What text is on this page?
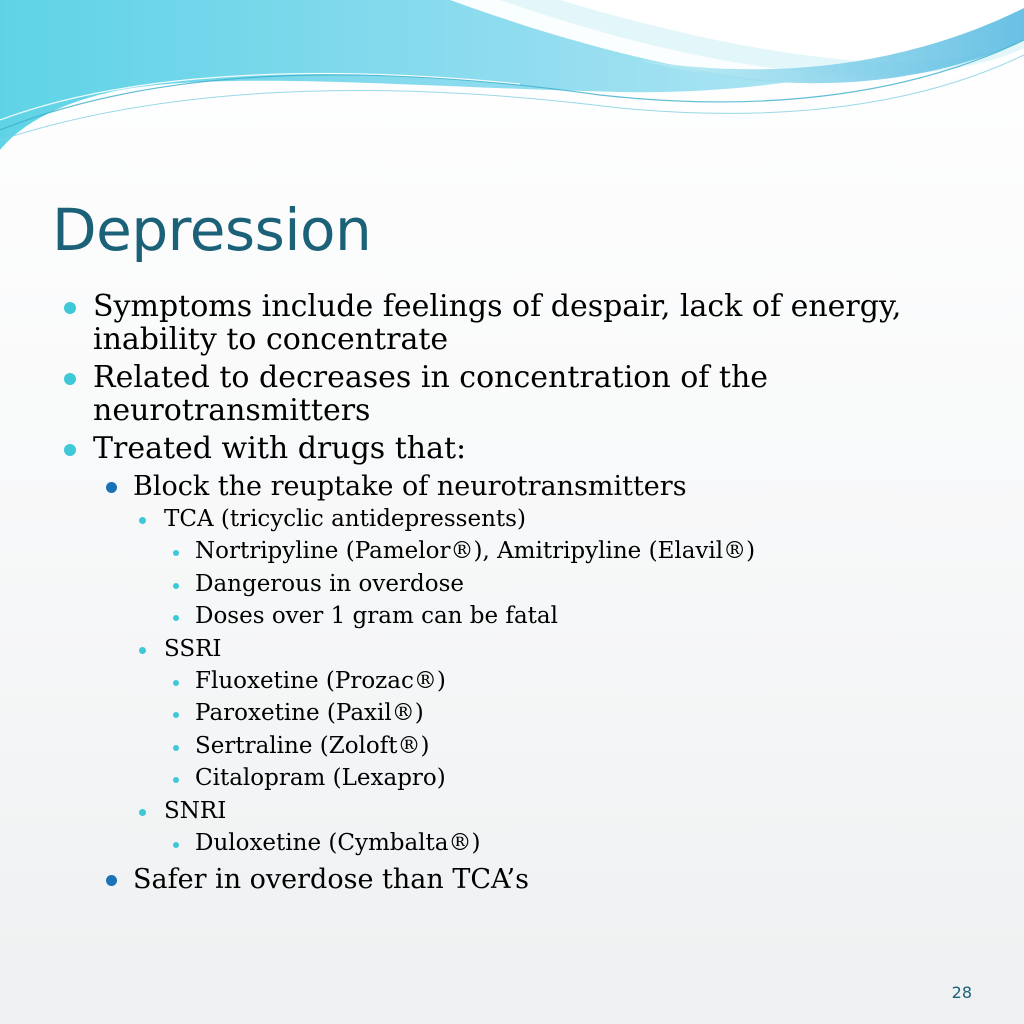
Depression
Symptoms include feelings of despair, lack of energy, inability to concentrate
Related to decreases in concentration of the neurotransmitters
Treated with drugs that:
Block the reuptake of neurotransmitters
TCA (tricyclic antidepressents)
Nortripyline (Pamelor®), Amitripyline (Elavil®)
Dangerous in overdose
Doses over 1 gram can be fatal
SSRI
Fluoxetine (Prozac®)
Paroxetine (Paxil®)
Sertraline (Zoloft®)
Citalopram (Lexapro)
SNRI
Duloxetine (Cymbalta®)
Safer in overdose than TCA’s
28
